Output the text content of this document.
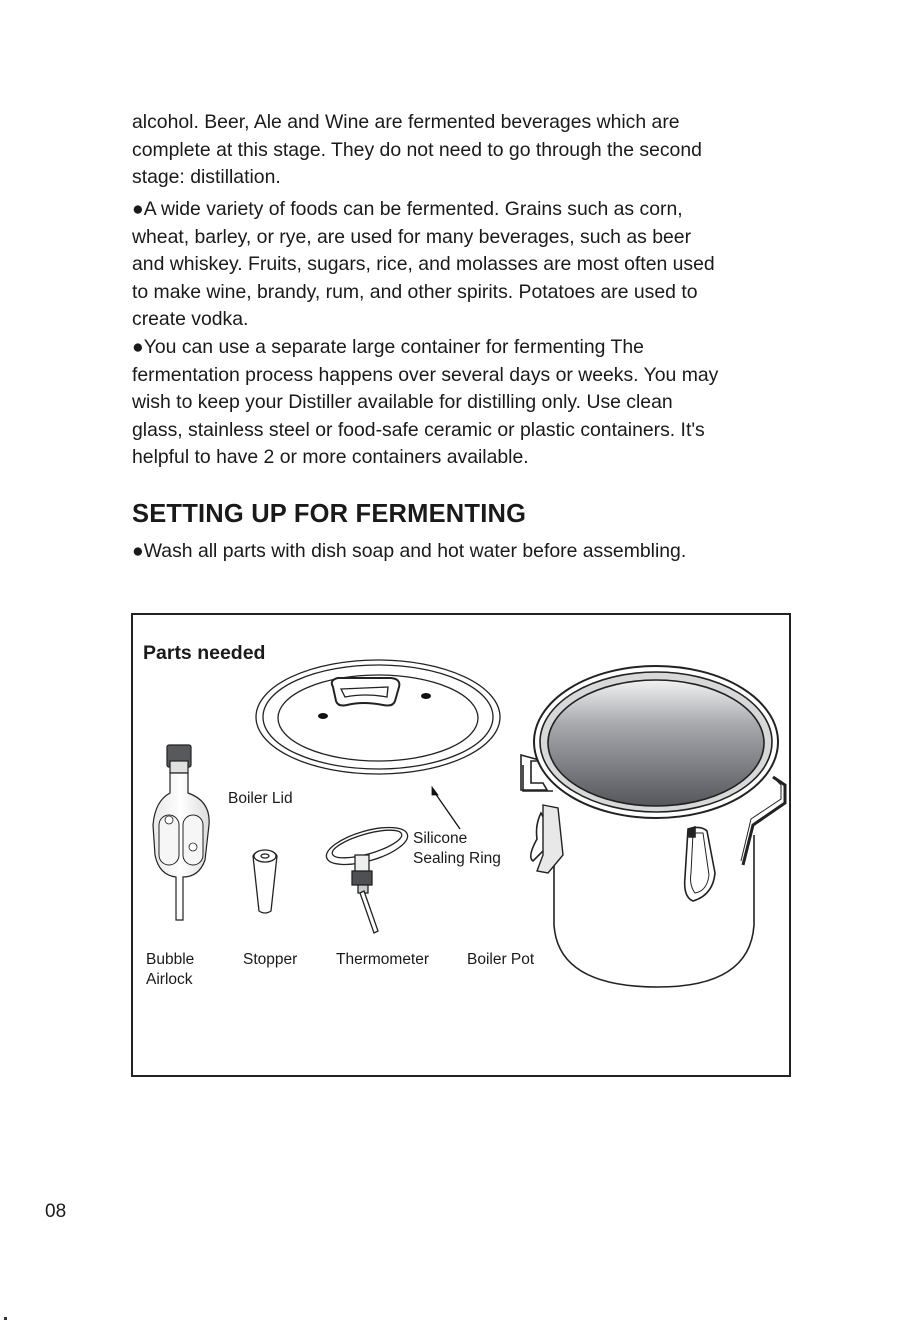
alcohol. Beer, Ale and Wine are fermented beverages which are
complete at this stage. They do not need to go through the second
stage: distillation.
●A wide variety of foods can be fermented. Grains such as corn,
wheat, barley, or rye, are used for many beverages, such as beer
and whiskey. Fruits, sugars, rice, and molasses are most often used
to make wine, brandy, rum, and other spirits. Potatoes are used to
create vodka.
●You can use a separate large container for fermenting The
fermentation process happens over several days or weeks. You may
wish to keep your Distiller available for distilling only. Use clean
glass, stainless steel or food-safe ceramic or plastic containers. It's
helpful to have 2 or more containers available.
SETTING UP FOR FERMENTING

●Wash all parts with dish soap and hot water before assembling.

Parts needed
Boiler Lid
Silicone
Sealing Ring
Bubble
Airlock
Stopper Thermometer Boiler Pot
08
